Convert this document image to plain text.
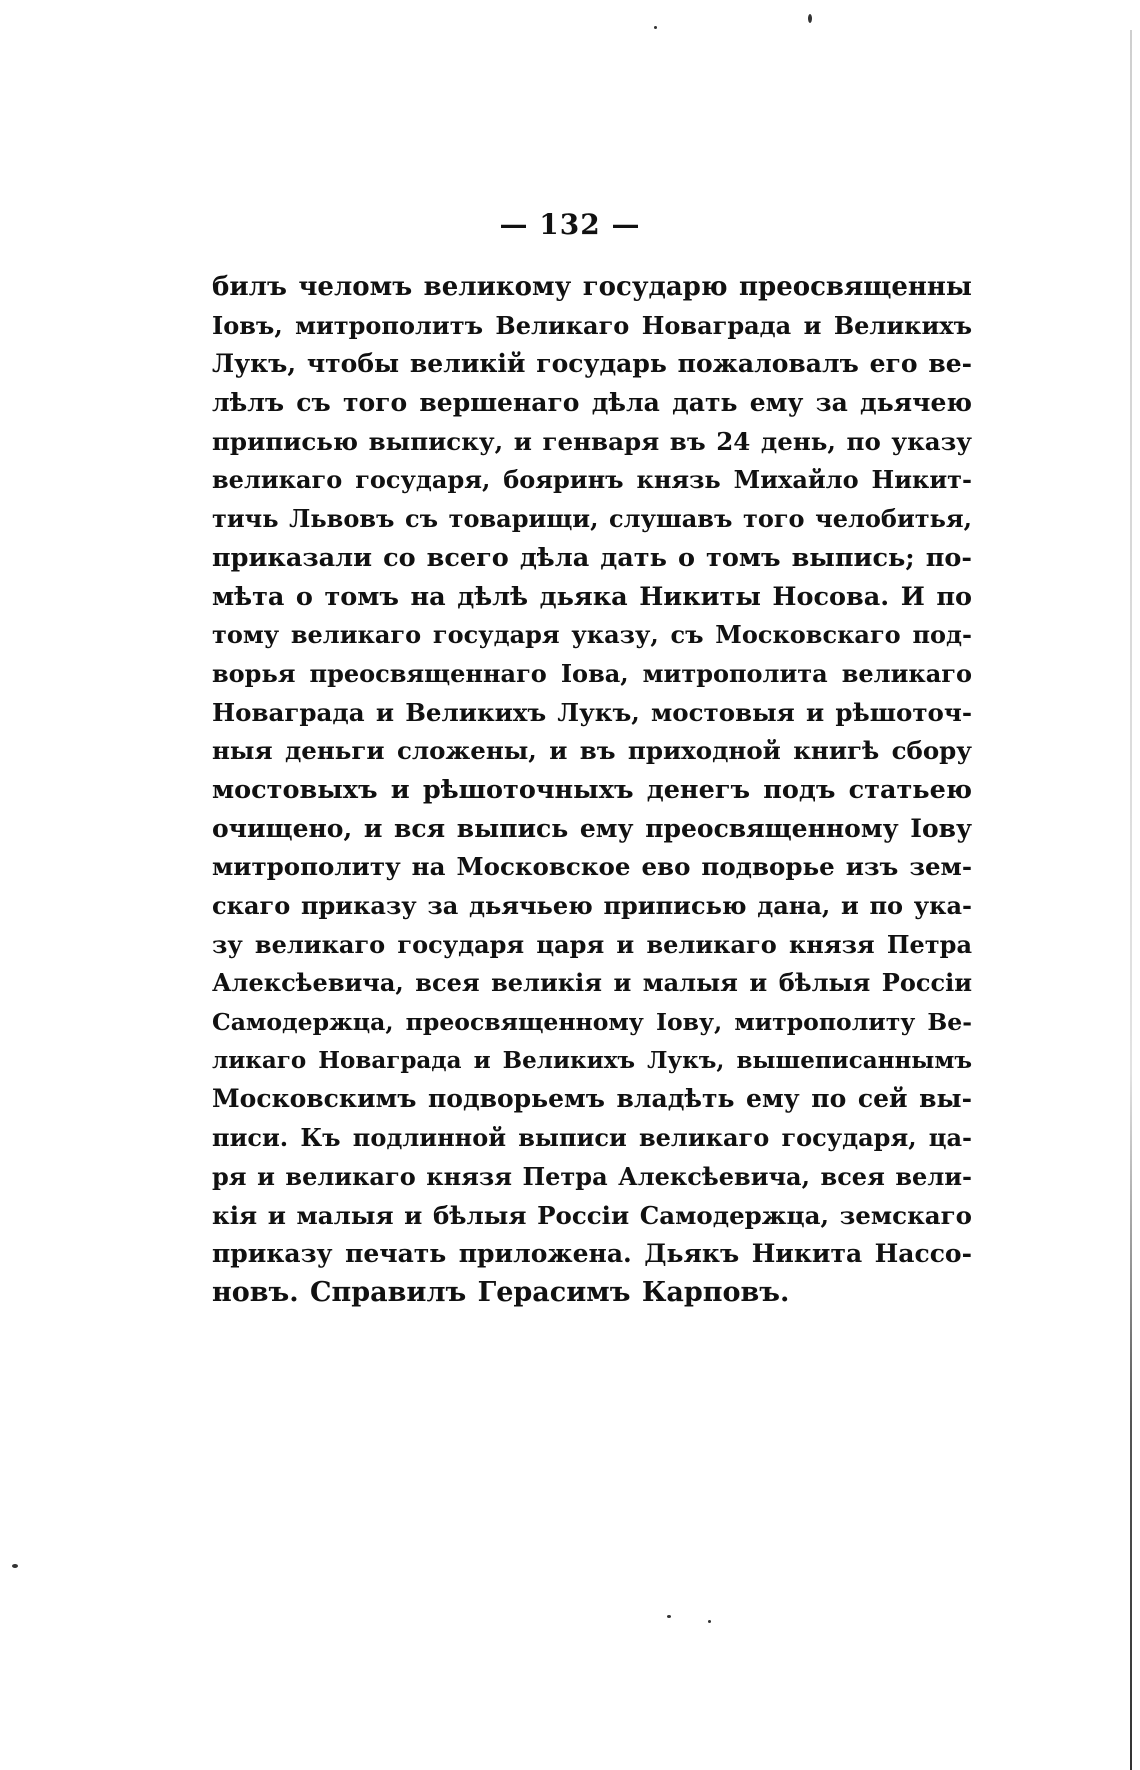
— 132 —
билъ челомъ великому государю преосвященны
Іовъ, митрополитъ Великаго Новаграда и Великихъ
Лукъ, чтобы великій государь пожаловалъ его ве-
лѣлъ съ того вершенаго дѣла дать ему за дьячею
приписью выписку, и генваря въ 24 день, по указу
великаго государя, бояринъ князь Михайло Никит-
тичь Львовъ съ товарищи, слушавъ того челобитья,
приказали со всего дѣла дать о томъ выпись; по-
мѣта о томъ на дѣлѣ дьяка Никиты Носова. И по
тому великаго государя указу, съ Московскаго под-
ворья преосвященнаго Іова, митрополита великаго
Новаграда и Великихъ Лукъ, мостовыя и рѣшоточ-
ныя деньги сложены, и въ приходной книгѣ сбору
мостовыхъ и рѣшоточныхъ денегъ подъ статьею
очищено, и вся выпись ему преосвященному Іову
митрополиту на Московское ево подворье изъ зем-
скаго приказу за дьячьею приписью дана, и по ука-
зу великаго государя царя и великаго князя Петра
Алексѣевича, всея великія и малыя и бѣлыя Россіи
Самодержца, преосвященному Іову, митрополиту Ве-
ликаго Новаграда и Великихъ Лукъ, вышеписаннымъ
Московскимъ подворьемъ владѣть ему по сей вы-
писи. Къ подлинной выписи великаго государя, ца-
ря и великаго князя Петра Алексѣевича, всея вели-
кія и малыя и бѣлыя Россіи Самодержца, земскаго
приказу печать приложена. Дьякъ Никита Нассо-
новъ. Справилъ Герасимъ Карповъ.
